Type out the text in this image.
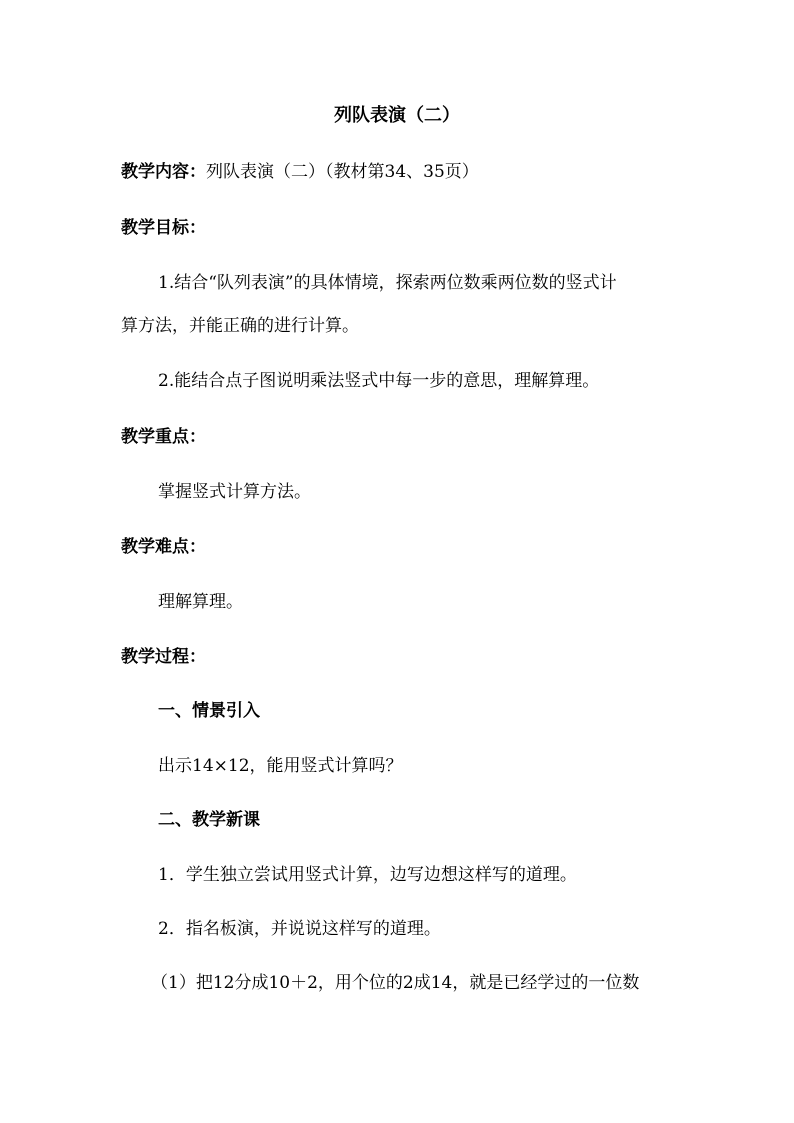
列队表演（二）
教学内容：列队表演（二）（教材第34、35页）
教学目标：
1.结合“队列表演”的具体情境，探索两位数乘两位数的竖式计
算方法，并能正确的进行计算。
2.能结合点子图说明乘法竖式中每一步的意思，理解算理。
教学重点：
掌握竖式计算方法。
教学难点：
理解算理。
教学过程：
一、情景引入
出示14×12，能用竖式计算吗？
二、教学新课
1．学生独立尝试用竖式计算，边写边想这样写的道理。
2．指名板演，并说说这样写的道理。
（1）把12分成10＋2，用个位的2成14，就是已经学过的一位数
